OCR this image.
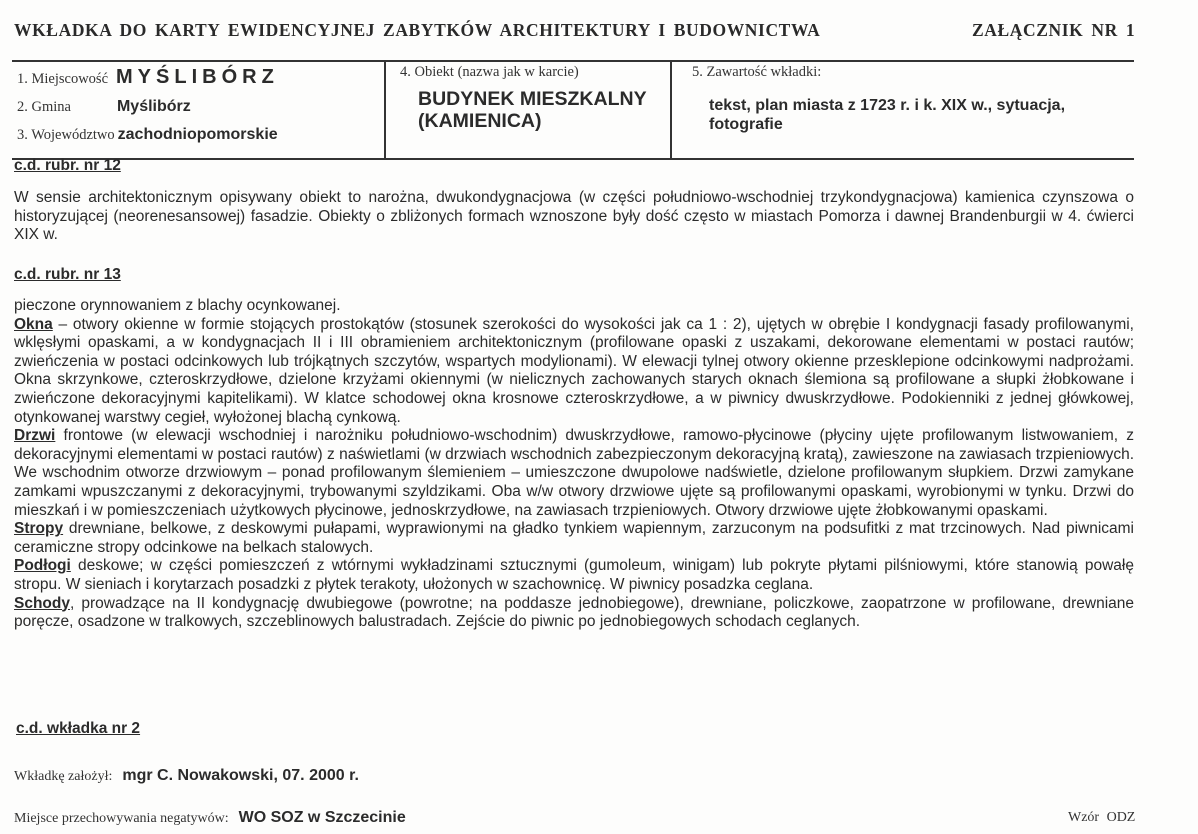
WKŁADKA DO KARTY EWIDENCYJNEJ ZABYTKÓW ARCHITEKTURY I BUDOWNICTWA	ZAŁĄCZNIK NR 1
1. Miejscowość MYŚLIBÓRZ
2. Gmina	Myślibórz
3. Województwo zachodniopomorskie
4. Obiekt (nazwa jak w karcie)
BUDYNEK MIESZKALNY
(KAMIENICA)
5. Zawartość wkładki:
tekst, plan miasta z 1723 r. i k. XIX w., sytuacja, fotografie
c.d. rubr. nr 12
W sensie architektonicznym opisywany obiekt to narożna, dwukondygnacjowa (w części południowo-wschodniej trzykondygnacjowa) kamienica czynszowa o historyzującej (neorenesansowej) fasadzie. Obiekty o zbliżonych formach wznoszone były dość często w miastach Pomorza i dawnej Brandenburgii w 4. ćwierci XIX w.
c.d. rubr. nr 13

pieczone orynnowaniem z blachy ocynkowanej.

Okna – otwory okienne w formie stojących prostokątów (stosunek szerokości do wysokości jak ca 1 : 2), ujętych w obrębie I kondygnacji fasady profilowanymi, wklęsłymi opaskami, a w kondygnacjach II i III obramieniem architektonicznym (profilowane opaski z uszakami, dekorowane elementami w postaci rautów; zwieńczenia w postaci odcinkowych lub trójkątnych szczytów, wspartych modylionami). W elewacji tylnej otwory okienne przesklepione odcinkowymi nadprożami. Okna skrzynkowe, czteroskrzydłowe, dzielone krzyżami okiennymi (w nielicznych zachowanych starych oknach ślemiona są profilowane a słupki żłobkowane i zwieńczone dekoracyjnymi kapitelikami). W klatce schodowej okna krosnowe czteroskrzydłowe, a w piwnicy dwuskrzydłowe. Podokienniki z jednej główkowej, otynkowanej warstwy cegieł, wyłożonej blachą cynkową.

Drzwi frontowe (w elewacji wschodniej i narożniku południowo-wschodnim) dwuskrzydłowe, ramowo-płycinowe (płyciny ujęte profilowanym listwowaniem, z dekoracyjnymi elementami w postaci rautów) z naświetlami (w drzwiach wschodnich zabezpieczonym dekoracyjną kratą), zawieszone na zawiasach trzpieniowych. We wschodnim otworze drzwiowym – ponad profilowanym ślemieniem – umieszczone dwupolowe nadświetle, dzielone profilowanym słupkiem. Drzwi zamykane zamkami wpuszczanymi z dekoracyjnymi, trybowanymi szyldzikami. Oba w/w otwory drzwiowe ujęte są profilowanymi opaskami, wyrobionymi w tynku. Drzwi do mieszkań i w pomieszczeniach użytkowych płycinowe, jednoskrzydłowe, na zawiasach trzpieniowych. Otwory drzwiowe ujęte żłobkowanymi opaskami.

Stropy drewniane, belkowe, z deskowymi pułapami, wyprawionymi na gładko tynkiem wapiennym, zarzuconym na podsufitki z mat trzcinowych. Nad piwnicami ceramiczne stropy odcinkowe na belkach stalowych.

Podłogi deskowe; w części pomieszczeń z wtórnymi wykładzinami sztucznymi (gumoleum, winigam) lub pokryte płytami pilśniowymi, które stanowią powałę stropu. W sieniach i korytarzach posadzki z płytek terakoty, ułożonych w szachownicę. W piwnicy posadzka ceglana.

Schody, prowadzące na II kondygnację dwubiegowe (powrotne; na poddasze jednobiegowe), drewniane, policzkowe, zaopatrzone w profilowane, drewniane poręcze, osadzone w tralkowych, szczeblinowych balustradach. Zejście do piwnic po jednobiegowych schodach ceglanych.

c.d. wkładka nr 2
Wkładkę założył: mgr C. Nowakowski, 07. 2000 r.
Miejsce przechowywania negatywów: WO SOZ w Szczecinie	Wzór ODZ
